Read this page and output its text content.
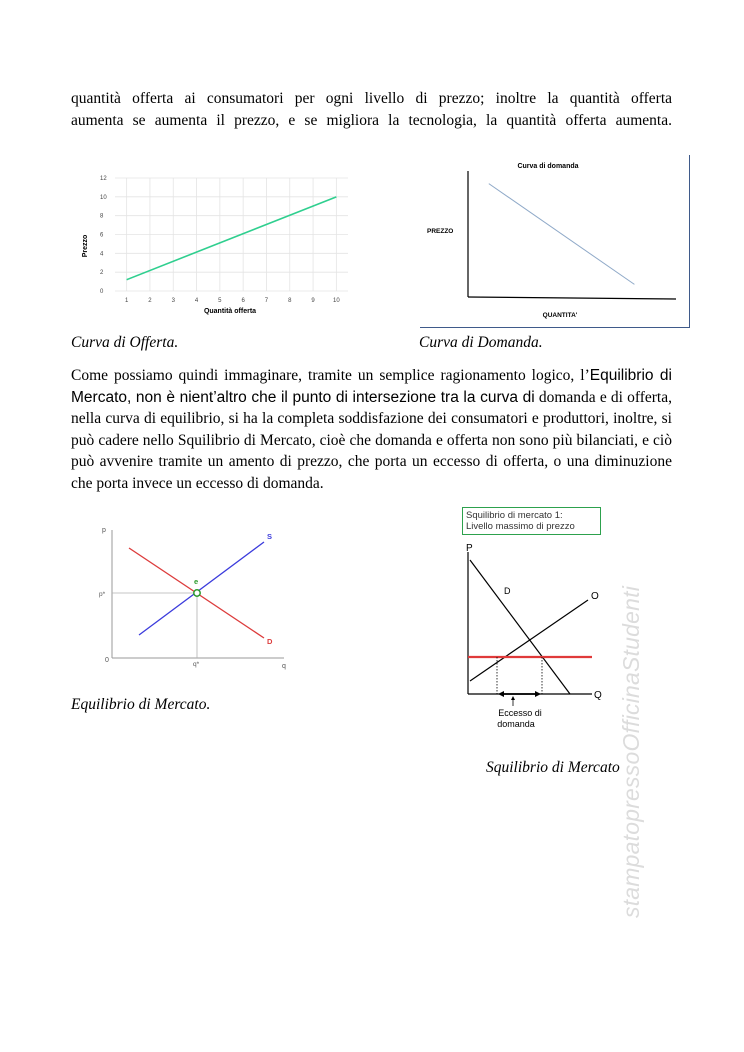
quantità offerta ai consumatori per ogni livello di prezzo; inoltre la quantità offerta
aumenta se aumenta il prezzo, e se migliora la tecnologia, la quantità offerta aumenta.
0
2
4
6
8
10
12
1	2	3	4	5	6	7	8	9	10
Quantità offerta
Prezzo
Curva di domanda
PREZZO
QUANTITA'
Curva di Offerta.	Curva di Domanda.

Come possiamo quindi immaginare, tramite un semplice ragionamento logico, l’Equilibrio di Mercato, non è nient’altro che il punto di intersezione tra la curva di domanda e di offerta, nella curva di equilibrio, si ha la completa soddisfazione dei consumatori e produttori, inoltre, si può cadere nello Squilibrio di Mercato, cioè che domanda e offerta non sono più bilanciati, e ciò può avvenire tramite un amento di prezzo, che porta un eccesso di offerta, o una diminuzione che porta invece un eccesso di domanda.

p
q
0
p*
q*
S
D
e
Equilibrio di Mercato.
Squilibrio di mercato 1:
Livello massimo di prezzo
P
Q
D	O
Eccesso di
domanda
Squilibrio di Mercato
stampatopressoOfficinaStudenti
